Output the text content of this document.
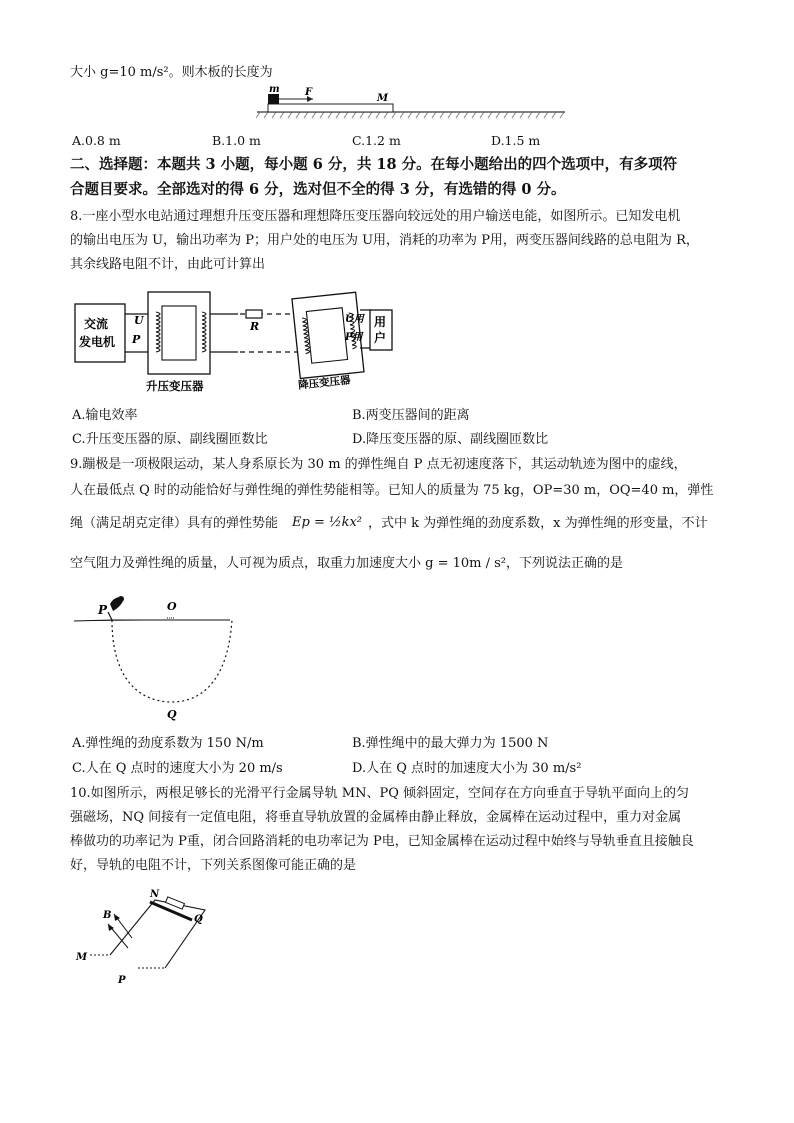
大小 g=10 m/s²。则木板的长度为
m	F
M
A.0.8 m	B.1.0 m	C.1.2 m	D.1.5 m
二、选择题：本题共 3 小题，每小题 6 分，共 18 分。在每小题给出的四个选项中，有多项符
合题目要求。全部选对的得 6 分，选对但不全的得 3 分，有选错的得 0 分。
8.一座小型水电站通过理想升压变压器和理想降压变压器向较远处的用户输送电能，如图所示。已知发电机
的输出电压为 U，输出功率为 P；用户处的电压为 U用，消耗的功率为 P用，两变压器间线路的总电阻为 R，
其余线路电阻不计，由此可计算出
交流
发电机
U
P
R
U用
P用
用
户
升压变压器	降压变压器
A.输电效率	B.两变压器间的距离
C.升压变压器的原、副线圈匝数比	D.降压变压器的原、副线圈匝数比
9.蹦极是一项极限运动，某人身系原长为 30 m 的弹性绳自 P 点无初速度落下，其运动轨迹为图中的虚线，
人在最低点 Q 时的动能恰好与弹性绳的弹性势能相等。已知人的质量为 75 kg，OP=30 m，OQ=40 m，弹性
绳（满足胡克定律）具有的弹性势能 Ep = ½kx² ，式中 k 为弹性绳的劲度系数，x 为弹性绳的形变量，不计
空气阻力及弹性绳的质量，人可视为质点，取重力加速度大小 g = 10m / s²，下列说法正确的是
P	O
Q
A.弹性绳的劲度系数为 150 N/m	B.弹性绳中的最大弹力为 1500 N
C.人在 Q 点时的速度大小为 20 m/s	D.人在 Q 点时的加速度大小为 30 m/s²
10.如图所示，两根足够长的光滑平行金属导轨 MN、PQ 倾斜固定，空间存在方向垂直于导轨平面向上的匀
强磁场，NQ 间接有一定值电阻，将垂直导轨放置的金属棒由静止释放，金属棒在运动过程中，重力对金属
棒做功的功率记为 P重，闭合回路消耗的电功率记为 P电，已知金属棒在运动过程中始终与导轨垂直且接触良
好，导轨的电阻不计，下列关系图像可能正确的是
B
N
Q
M
P
